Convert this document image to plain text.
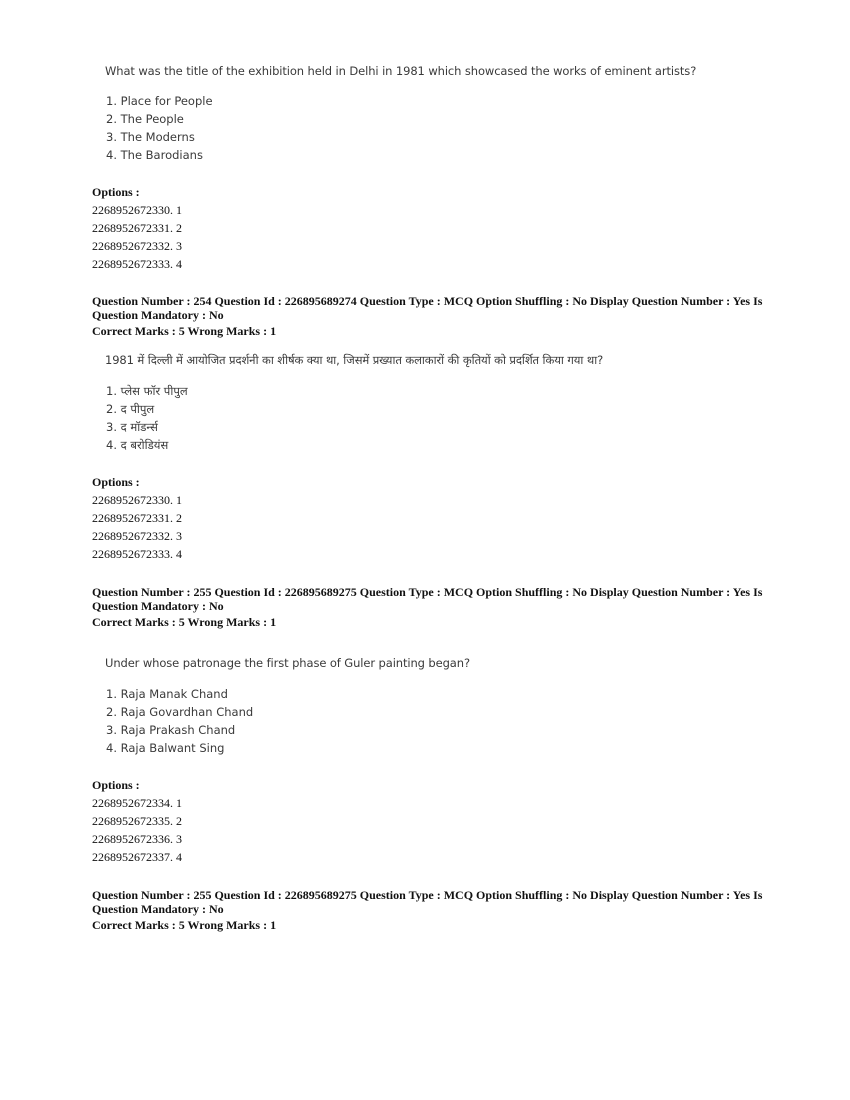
What was the title of the exhibition held in Delhi in 1981 which showcased the works of eminent artists?
1. Place for People
2. The People
3. The Moderns
4. The Barodians
Options :
2268952672330. 1
2268952672331. 2
2268952672332. 3
2268952672333. 4
Question Number : 254 Question Id : 226895689274 Question Type : MCQ Option Shuffling : No Display Question Number : Yes Is Question Mandatory : No
Correct Marks : 5 Wrong Marks : 1
1981 में दिल्ली में आयोजित प्रदर्शनी का शीर्षक क्या था, जिसमें प्रख्यात कलाकारों की कृतियों को प्रदर्शित किया गया था?
1. प्लेस फॉर पीपुल
2. द पीपुल
3. द मॉडर्न्स
4. द बरोडियंस
Options :
2268952672330. 1
2268952672331. 2
2268952672332. 3
2268952672333. 4
Question Number : 255 Question Id : 226895689275 Question Type : MCQ Option Shuffling : No Display Question Number : Yes Is Question Mandatory : No
Correct Marks : 5 Wrong Marks : 1
Under whose patronage the first phase of Guler painting began?
1. Raja Manak Chand
2. Raja Govardhan Chand
3. Raja Prakash Chand
4. Raja Balwant Sing
Options :
2268952672334. 1
2268952672335. 2
2268952672336. 3
2268952672337. 4
Question Number : 255 Question Id : 226895689275 Question Type : MCQ Option Shuffling : No Display Question Number : Yes Is Question Mandatory : No
Correct Marks : 5 Wrong Marks : 1
